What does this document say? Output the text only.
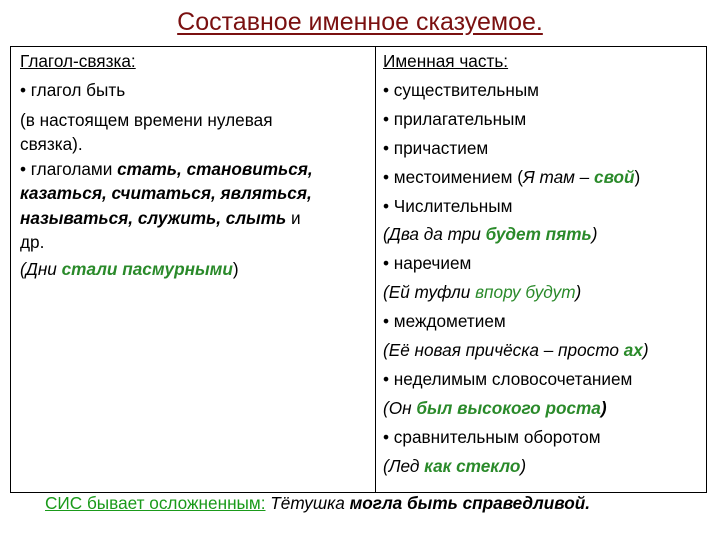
Составное именное сказуемое.
Глагол-связка:
• глагол быть
(в настоящем времени нулевая
связка).
• глаголами стать, становиться,
казаться, считаться, являться,
называться, служить, слыть и
др.
(Дни стали пасмурными)
Именная часть:
• существительным
• прилагательным
• причастием
• местоимением (Я там – свой)
• Числительным
(Два да три будет пять)
• наречием
(Ей туфли впору будут)
• междометием
(Её новая причёска – просто ах)
• неделимым словосочетанием
(Он был высокого роста)
• сравнительным оборотом
(Лед как стекло)
СИС бывает осложненным: Тётушка могла быть справедливой.
